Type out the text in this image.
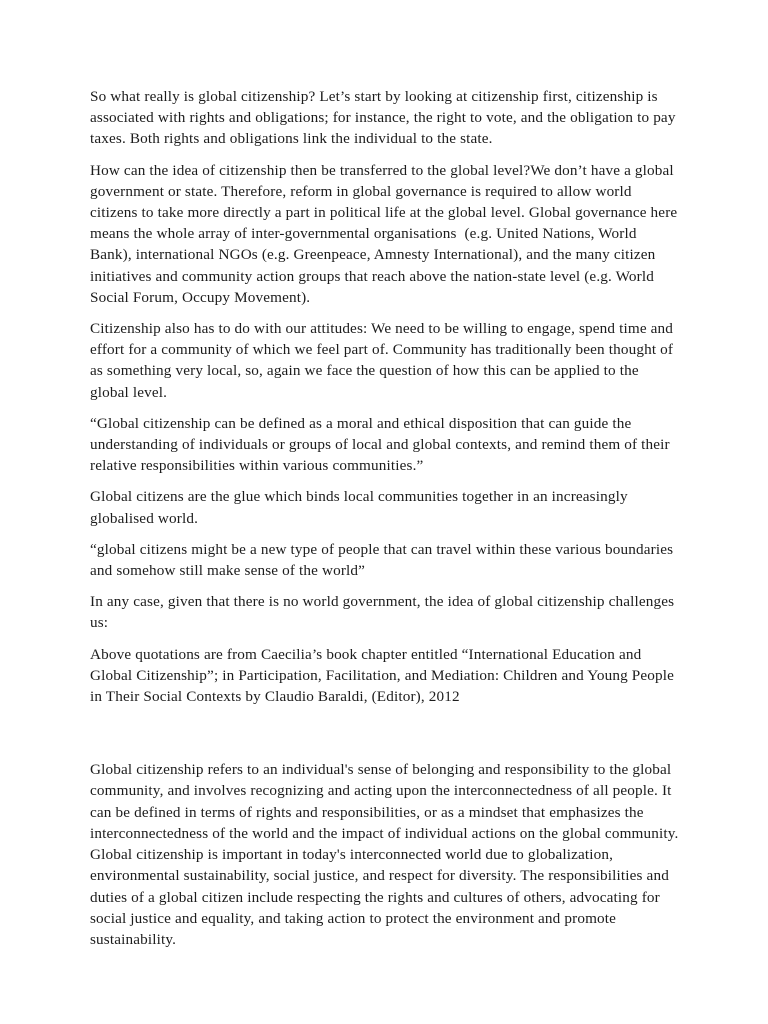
So what really is global citizenship? Let’s start by looking at citizenship first, citizenship is associated with rights and obligations; for instance, the right to vote, and the obligation to pay taxes. Both rights and obligations link the individual to the state.

How can the idea of citizenship then be transferred to the global level?We don’t have a global government or state. Therefore, reform in global governance is required to allow world citizens to take more directly a part in political life at the global level. Global governance here means the whole array of inter-governmental organisations  (e.g. United Nations, World Bank), international NGOs (e.g. Greenpeace, Amnesty International), and the many citizen initiatives and community action groups that reach above the nation-state level (e.g. World Social Forum, Occupy Movement).

Citizenship also has to do with our attitudes: We need to be willing to engage, spend time and effort for a community of which we feel part of. Community has traditionally been thought of as something very local, so, again we face the question of how this can be applied to the global level.

“Global citizenship can be defined as a moral and ethical disposition that can guide the understanding of individuals or groups of local and global contexts, and remind them of their relative responsibilities within various communities.”

Global citizens are the glue which binds local communities together in an increasingly globalised world.

“global citizens might be a new type of people that can travel within these various boundaries and somehow still make sense of the world”

In any case, given that there is no world government, the idea of global citizenship challenges us:

Above quotations are from Caecilia’s book chapter entitled “International Education and Global Citizenship”; in Participation, Facilitation, and Mediation: Children and Young People in Their Social Contexts by Claudio Baraldi, (Editor), 2012

Global citizenship refers to an individual's sense of belonging and responsibility to the global community, and involves recognizing and acting upon the interconnectedness of all people. It can be defined in terms of rights and responsibilities, or as a mindset that emphasizes the interconnectedness of the world and the impact of individual actions on the global community. Global citizenship is important in today's interconnected world due to globalization, environmental sustainability, social justice, and respect for diversity. The responsibilities and duties of a global citizen include respecting the rights and cultures of others, advocating for social justice and equality, and taking action to protect the environment and promote sustainability.
